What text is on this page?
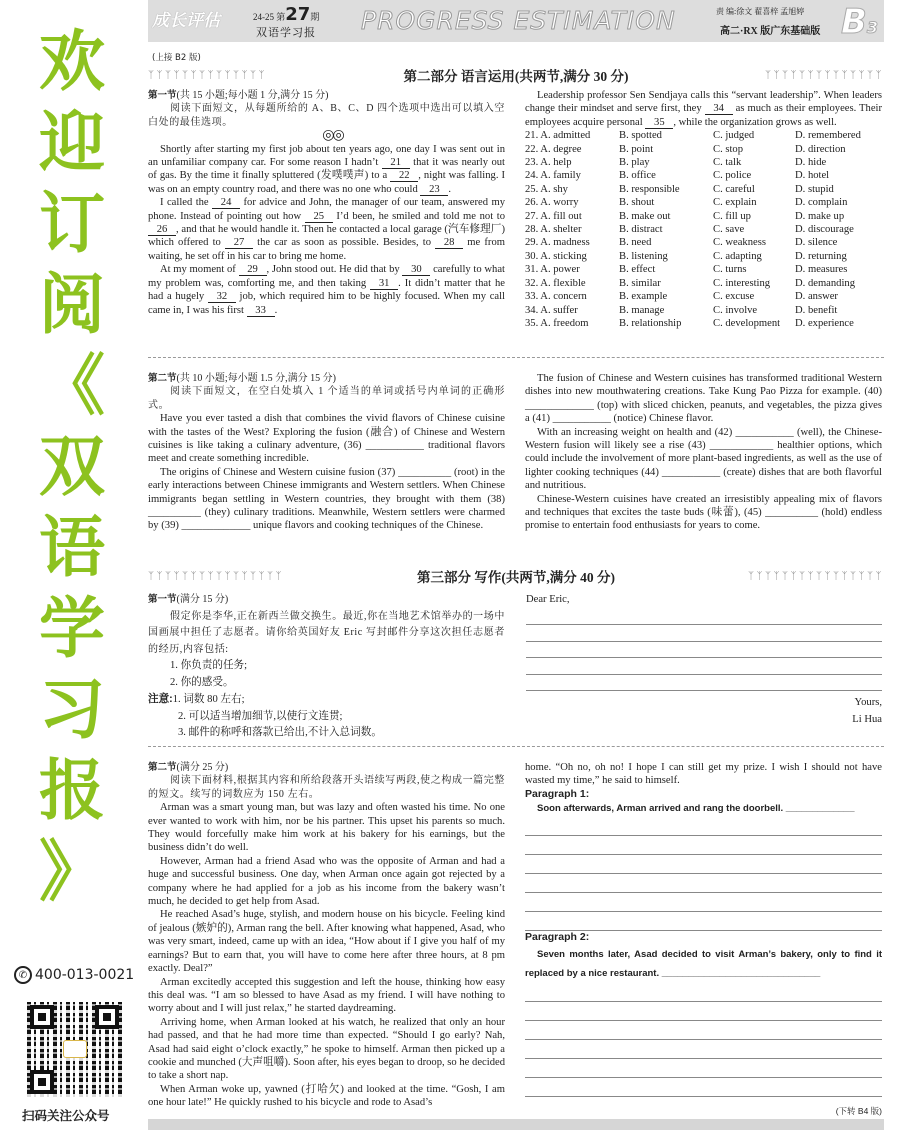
欢
迎
订
阅
《
双
语
学
习
报
》
✆ 400-013-0021
扫码关注公众号
成长评估	24-25 第27期
双语学习报 PROGRESS ESTIMATION	责 编:徐文 翟喜梓 孟旭婷
高二·RX 版广东基础版 B3
(上接 B2 版)
ᛉᛉᛉᛉᛉᛉᛉᛉᛉᛉᛉᛉᛉᛉ	第二部分 语言运用(共两节,满分 30 分)	ᛉᛉᛉᛉᛉᛉᛉᛉᛉᛉᛉᛉᛉᛉ

第一节(共 15 小题;每小题 1 分,满分 15 分)

阅读下面短文，从每题所给的 A、B、C、D 四个选项中选出可以填入空白处的最佳选项。

◎◎

Shortly after starting my first job about ten years ago, one day I was sent out in an unfamiliar company car. For some reason I hadn’t 21 that it was nearly out of gas. By the time it finally spluttered (发噗噗声) to a 22 , night was falling. I was on an empty country road, and there was no one who could 23 .

I called the 24 for advice and John, the manager of our team, answered my phone. Instead of pointing out how 25 I’d been, he smiled and told me not to 26 , and that he would handle it. Then he contacted a local garage (汽车修理厂) which offered to 27 the car as soon as possible. Besides, to 28 me from waiting, he set off in his car to bring me home.

At my moment of 29 , John stood out. He did that by 30 carefully to what my problem was, comforting me, and then taking 31 . It didn’t matter that he had a hugely 32 job, which required him to be highly focused. When my call came in, I was his first 33 .

Leadership professor Sen Sendjaya calls this “servant leadership”. When leaders change their mindset and serve first, they 34 as much as their employees. Their employees acquire personal 35 , while the organization grows as well.

21. A. admitted	B. spotted	C. judged	D. remembered
22. A. degree	B. point	C. stop	D. direction
23. A. help	B. play	C. talk	D. hide
24. A. family	B. office	C. police	D. hotel
25. A. shy	B. responsible	C. careful	D. stupid
26. A. worry	B. shout	C. explain	D. complain
27. A. fill out	B. make out	C. fill up	D. make up
28. A. shelter	B. distract	C. save	D. discourage
29. A. madness	B. need	C. weakness	D. silence
30. A. sticking	B. listening	C. adapting	D. returning
31. A. power	B. effect	C. turns	D. measures
32. A. flexible	B. similar	C. interesting	D. demanding
33. A. concern	B. example	C. excuse	D. answer
34. A. suffer	B. manage	C. involve	D. benefit
35. A. freedom	B. relationship	C. development	D. experience

第二节(共 10 小题;每小题 1.5 分,满分 15 分)

阅读下面短文，在空白处填入 1 个适当的单词或括号内单词的正确形式。

Have you ever tasted a dish that combines the vivid flavors of Chinese cuisine with the tastes of the West? Exploring the fusion (融合) of Chinese and Western cuisines is like taking a culinary adventure, (36) ___________ traditional flavors meet and create something incredible.

The origins of Chinese and Western cuisine fusion (37) __________ (root) in the early interactions between Chinese immigrants and Western settlers. When Chinese immigrants began settling in Western countries, they brought with them (38) __________ (they) culinary traditions. Meanwhile, Western settlers were charmed by (39) _____________ unique flavors and cooking techniques of the Chinese.

The fusion of Chinese and Western cuisines has transformed traditional Western dishes into new mouthwatering creations. Take Kung Pao Pizza for example. (40) _____________ (top) with sliced chicken, peanuts, and vegetables, the pizza gives a (41) ___________ (notice) Chinese flavor.

With an increasing weight on health and (42) ___________ (well), the Chinese-Western fusion will likely see a rise (43) ____________ healthier options, which could include the involvement of more plant-based ingredients, as well as the use of lighter cooking techniques (44) ___________ (create) dishes that are both flavorful and nutritious.

Chinese-Western cuisines have created an irresistibly appealing mix of flavors and techniques that excites the taste buds (味蕾), (45) __________ (hold) endless promise to entertain food enthusiasts for years to come.

ᛉᛉᛉᛉᛉᛉᛉᛉᛉᛉᛉᛉᛉᛉᛉᛉ	第三部分 写作(共两节,满分 40 分)	ᛉᛉᛉᛉᛉᛉᛉᛉᛉᛉᛉᛉᛉᛉᛉᛉ

第一节(满分 15 分)

假定你是李华,正在新西兰做交换生。最近,你在当地艺术馆举办的一场中国画展中担任了志愿者。请你给英国好友 Eric 写封邮件分享这次担任志愿者的经历,内容包括:

1. 你负责的任务;

2. 你的感受。

注意:1. 词数 80 左右;

2. 可以适当增加细节,以使行文连贯;

3. 邮件的称呼和落款已给出,不计入总词数。

Dear Eric,

Yours,

Li Hua

第二节(满分 25 分)

阅读下面材料,根据其内容和所给段落开头语续写两段,使之构成一篇完整的短文。续写的词数应为 150 左右。

Arman was a smart young man, but was lazy and often wasted his time. No one ever wanted to work with him, nor be his partner. This upset his parents so much. They would forcefully make him work at his bakery for his earnings, but the business didn’t do well.

However, Arman had a friend Asad who was the opposite of Arman and had a huge and successful business. One day, when Arman once again got rejected by a company where he had applied for a job as his income from the bakery wasn’t much, he decided to get help from Asad.

He reached Asad’s huge, stylish, and modern house on his bicycle. Feeling kind of jealous (嫉妒的), Arman rang the bell. After knowing what happened, Asad, who was very smart, indeed, came up with an idea, “How about if I give you half of my earnings? But to earn that, you will have to come here after three hours, at 8 pm exactly. Deal?”

Arman excitedly accepted this suggestion and left the house, thinking how easy this deal was. “I am so blessed to have Asad as my friend. I will have nothing to worry about and I will just relax,” he started daydreaming.

Arriving home, when Arman looked at his watch, he realized that only an hour had passed, and that he had more time than expected. “Should I go early? Nah, Asad had said eight o’clock exactly,” he spoke to himself. Arman then picked up a cookie and munched (大声咀嚼). Soon after, his eyes began to droop, so he decided to take a short nap.

When Arman woke up, yawned (打哈欠) and looked at the time. “Gosh, I am one hour late!” He quickly rushed to his bicycle and rode to Asad’s

home. “Oh no, oh no! I hope I can still get my prize. I wish I should not have wasted my time,” he said to himself.

Paragraph 1:

Soon afterwards, Arman arrived and rang the doorbell. _____________

Paragraph 2:

Seven months later, Asad decided to visit Arman’s bakery, only to find it replaced by a nice restaurant. ______________________________

(下转 B4 版)
